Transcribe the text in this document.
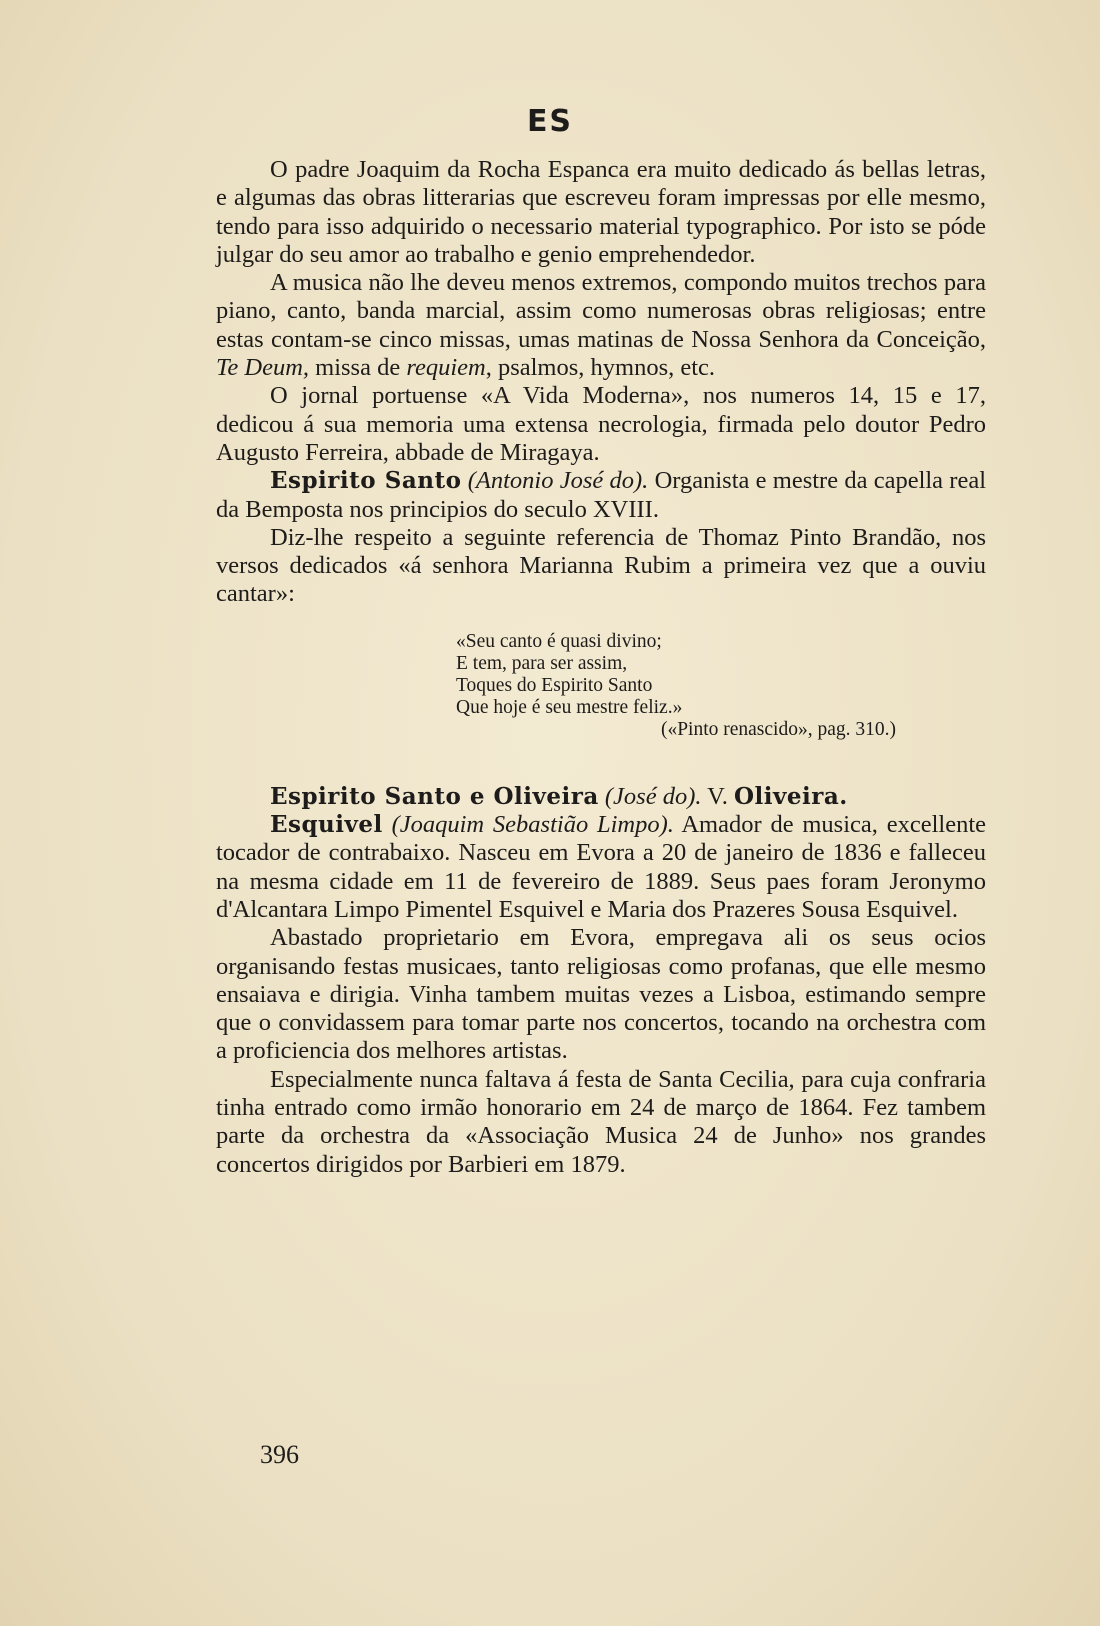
ES

O padre Joaquim da Rocha Espanca era muito dedicado ás bellas letras, e algumas das obras litterarias que escreveu foram impressas por elle mesmo, tendo para isso adquirido o necessario material typographico. Por isto se póde julgar do seu amor ao trabalho e genio emprehendedor.

A musica não lhe deveu menos extremos, compondo muitos trechos para piano, canto, banda marcial, assim como numerosas obras religiosas; entre estas contam-se cinco missas, umas matinas de Nossa Senhora da Conceição, Te Deum, missa de requiem, psalmos, hymnos, etc.

O jornal portuense «A Vida Moderna», nos numeros 14, 15 e 17, dedicou á sua memoria uma extensa necrologia, firmada pelo doutor Pedro Augusto Ferreira, abbade de Miragaya.

Espirito Santo (Antonio José do). Organista e mestre da capella real da Bemposta nos principios do seculo XVIII.

Diz-lhe respeito a seguinte referencia de Thomaz Pinto Brandão, nos versos dedicados «á senhora Marianna Rubim a primeira vez que a ouviu cantar»:

«Seu canto é quasi divino;
E tem, para ser assim,
Toques do Espirito Santo
Que hoje é seu mestre feliz.»
(«Pinto renascido», pag. 310.)

Espirito Santo e Oliveira (José do). V. Oliveira.

Esquivel (Joaquim Sebastião Limpo). Amador de musica, excellente tocador de contrabaixo. Nasceu em Evora a 20 de janeiro de 1836 e falleceu na mesma cidade em 11 de fevereiro de 1889. Seus paes foram Jeronymo d'Alcantara Limpo Pimentel Esquivel e Maria dos Prazeres Sousa Esquivel.

Abastado proprietario em Evora, empregava ali os seus ocios organisando festas musicaes, tanto religiosas como profanas, que elle mesmo ensaiava e dirigia. Vinha tambem muitas vezes a Lisboa, estimando sempre que o convidassem para tomar parte nos concertos, tocando na orchestra com a proficiencia dos melhores artistas.

Especialmente nunca faltava á festa de Santa Cecilia, para cuja confraria tinha entrado como irmão honorario em 24 de março de 1864. Fez tambem parte da orchestra da «Associação Musica 24 de Junho» nos grandes concertos dirigidos por Barbieri em 1879.

396
